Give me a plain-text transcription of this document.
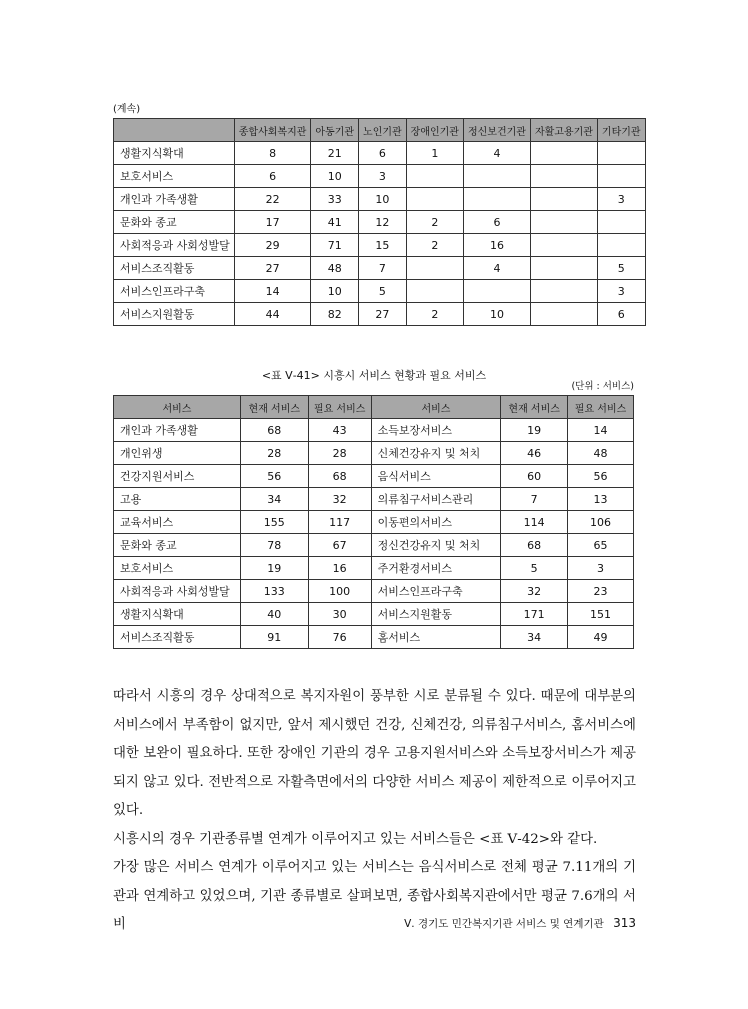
(계속)
	종합사회복지관	아동기관	노인기관	장애인기관	정신보건기관	자활고용기관	기타기관
생활지식확대	8	21	6	1	4		
보호서비스	6	10	3				
개인과 가족생활	22	33	10				3
문화와 종교	17	41	12	2	6		
사회적응과 사회성발달	29	71	15	2	16		
서비스조직활동	27	48	7		4		5
서비스인프라구축	14	10	5				3
서비스지원활동	44	82	27	2	10		6
<표 Ⅴ-41> 시흥시 서비스 현황과 필요 서비스
(단위 : 서비스)
서비스	현재 서비스	필요 서비스	서비스	현재 서비스	필요 서비스
개인과 가족생활	68	43	소득보장서비스	19	14
개인위생	28	28	신체건강유지 및 처치	46	48
건강지원서비스	56	68	음식서비스	60	56
고용	34	32	의류침구서비스관리	7	13
교육서비스	155	117	이동편의서비스	114	106
문화와 종교	78	67	정신건강유지 및 처치	68	65
보호서비스	19	16	주거환경서비스	5	3
사회적응과 사회성발달	133	100	서비스인프라구축	32	23
생활지식확대	40	30	서비스지원활동	171	151
서비스조직활동	91	76	홈서비스	34	49

따라서 시흥의 경우 상대적으로 복지자원이 풍부한 시로 분류될 수 있다. 때문에 대부분의 서비스에서 부족함이 없지만, 앞서 제시했던 건강, 신체건강, 의류침구서비스, 홈서비스에 대한 보완이 필요하다. 또한 장애인 기관의 경우 고용지원서비스와 소득보장서비스가 제공되지 않고 있다. 전반적으로 자활측면에서의 다양한 서비스 제공이 제한적으로 이루어지고 있다.

시흥시의 경우 기관종류별 연계가 이루어지고 있는 서비스들은 <표 Ⅴ-42>와 같다.

가장 많은 서비스 연계가 이루어지고 있는 서비스는 음식서비스로 전체 평균 7.11개의 기관과 연계하고 있었으며, 기관 종류별로 살펴보면, 종합사회복지관에서만 평균 7.6개의 서비	Ⅴ. 경기도 민간복지기관 서비스 및 연계기관 313
